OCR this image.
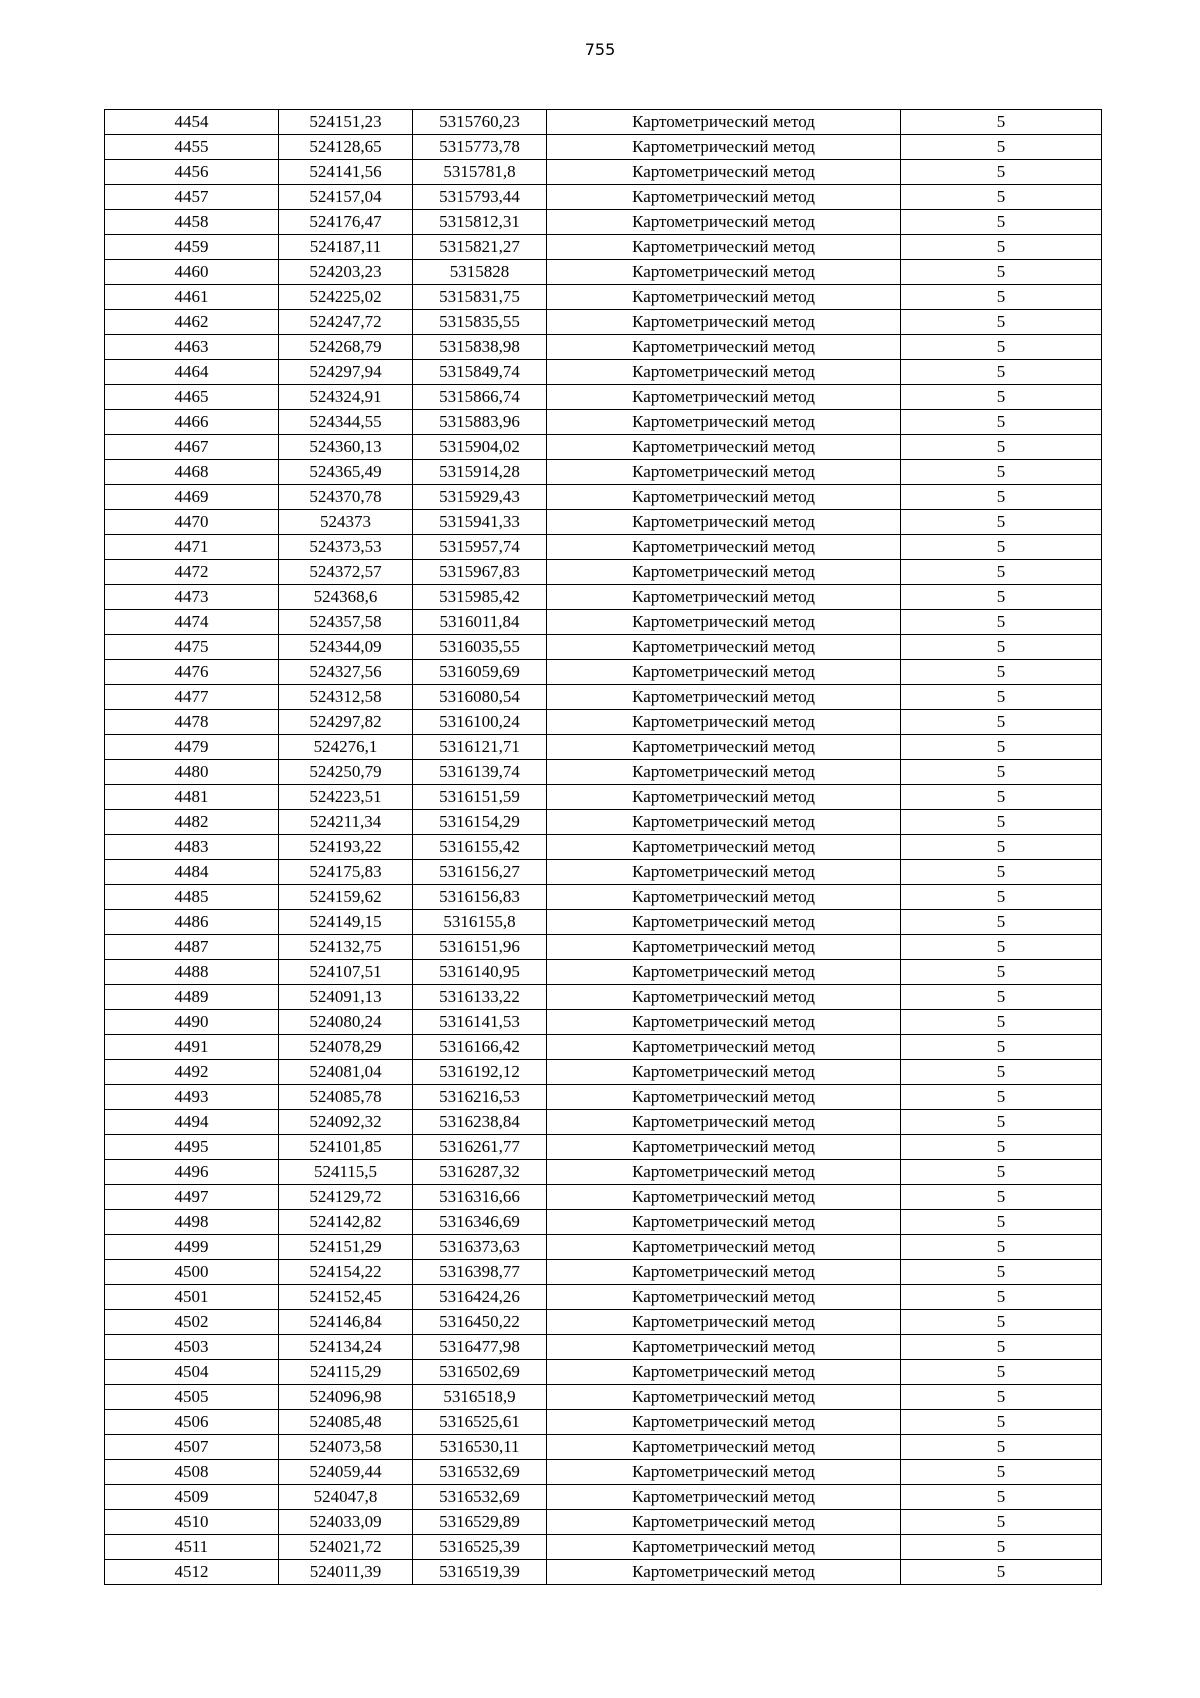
755
4454	524151,23	5315760,23	Картометрический метод	5
4455	524128,65	5315773,78	Картометрический метод	5
4456	524141,56	5315781,8	Картометрический метод	5
4457	524157,04	5315793,44	Картометрический метод	5
4458	524176,47	5315812,31	Картометрический метод	5
4459	524187,11	5315821,27	Картометрический метод	5
4460	524203,23	5315828	Картометрический метод	5
4461	524225,02	5315831,75	Картометрический метод	5
4462	524247,72	5315835,55	Картометрический метод	5
4463	524268,79	5315838,98	Картометрический метод	5
4464	524297,94	5315849,74	Картометрический метод	5
4465	524324,91	5315866,74	Картометрический метод	5
4466	524344,55	5315883,96	Картометрический метод	5
4467	524360,13	5315904,02	Картометрический метод	5
4468	524365,49	5315914,28	Картометрический метод	5
4469	524370,78	5315929,43	Картометрический метод	5
4470	524373	5315941,33	Картометрический метод	5
4471	524373,53	5315957,74	Картометрический метод	5
4472	524372,57	5315967,83	Картометрический метод	5
4473	524368,6	5315985,42	Картометрический метод	5
4474	524357,58	5316011,84	Картометрический метод	5
4475	524344,09	5316035,55	Картометрический метод	5
4476	524327,56	5316059,69	Картометрический метод	5
4477	524312,58	5316080,54	Картометрический метод	5
4478	524297,82	5316100,24	Картометрический метод	5
4479	524276,1	5316121,71	Картометрический метод	5
4480	524250,79	5316139,74	Картометрический метод	5
4481	524223,51	5316151,59	Картометрический метод	5
4482	524211,34	5316154,29	Картометрический метод	5
4483	524193,22	5316155,42	Картометрический метод	5
4484	524175,83	5316156,27	Картометрический метод	5
4485	524159,62	5316156,83	Картометрический метод	5
4486	524149,15	5316155,8	Картометрический метод	5
4487	524132,75	5316151,96	Картометрический метод	5
4488	524107,51	5316140,95	Картометрический метод	5
4489	524091,13	5316133,22	Картометрический метод	5
4490	524080,24	5316141,53	Картометрический метод	5
4491	524078,29	5316166,42	Картометрический метод	5
4492	524081,04	5316192,12	Картометрический метод	5
4493	524085,78	5316216,53	Картометрический метод	5
4494	524092,32	5316238,84	Картометрический метод	5
4495	524101,85	5316261,77	Картометрический метод	5
4496	524115,5	5316287,32	Картометрический метод	5
4497	524129,72	5316316,66	Картометрический метод	5
4498	524142,82	5316346,69	Картометрический метод	5
4499	524151,29	5316373,63	Картометрический метод	5
4500	524154,22	5316398,77	Картометрический метод	5
4501	524152,45	5316424,26	Картометрический метод	5
4502	524146,84	5316450,22	Картометрический метод	5
4503	524134,24	5316477,98	Картометрический метод	5
4504	524115,29	5316502,69	Картометрический метод	5
4505	524096,98	5316518,9	Картометрический метод	5
4506	524085,48	5316525,61	Картометрический метод	5
4507	524073,58	5316530,11	Картометрический метод	5
4508	524059,44	5316532,69	Картометрический метод	5
4509	524047,8	5316532,69	Картометрический метод	5
4510	524033,09	5316529,89	Картометрический метод	5
4511	524021,72	5316525,39	Картометрический метод	5
4512	524011,39	5316519,39	Картометрический метод	5
